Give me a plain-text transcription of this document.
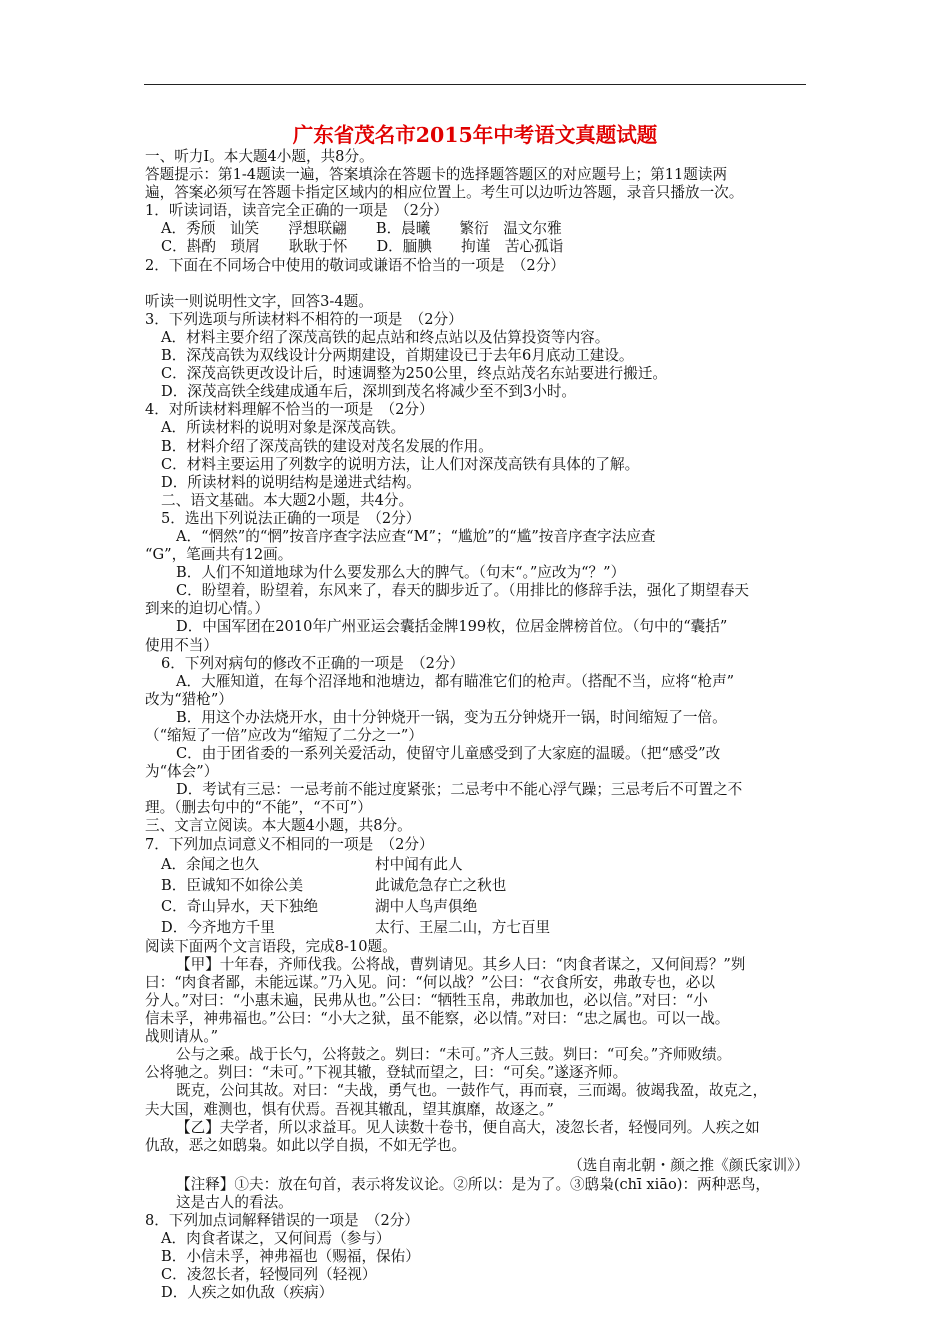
广东省茂名市2015年中考语文真题试题
一、听力Ⅰ。本大题4小题，共8分。
答题提示：第1-4题读一遍，答案填涂在答题卡的选择题答题区的对应题号上；第11题读两
遍，答案必须写在答题卡指定区域内的相应位置上。考生可以边听边答题，录音只播放一次。
1．听读词语，读音完全正确的一项是　（2分）
A．秀颀　讪笑　　浮想联翩　　B．晨曦　　繁衍　温文尔雅
C．斟酌　琐屑　　耿耿于怀　　D．腼腆　　拘谨　苦心孤诣
2．下面在不同场合中使用的敬词或谦语不恰当的一项是　（2分）
听读一则说明性文字，回答3-4题。
3．下列选项与所读材料不相符的一项是　（2分）
A．材料主要介绍了深茂高铁的起点站和终点站以及估算投资等内容。
B．深茂高铁为双线设计分两期建设，首期建设已于去年6月底动工建设。
C．深茂高铁更改设计后，时速调整为250公里，终点站茂名东站要进行搬迁。
D．深茂高铁全线建成通车后，深圳到茂名将减少至不到3小时。
4．对所读材料理解不恰当的一项是　（2分）
A．所读材料的说明对象是深茂高铁。
B．材料介绍了深茂高铁的建设对茂名发展的作用。
C．材料主要运用了列数字的说明方法，让人们对深茂高铁有具体的了解。
D．所读材料的说明结构是递进式结构。
二、语文基础。本大题2小题，共4分。
5．选出下列说法正确的一项是　（2分）
A．“惘然”的“惘”按音序查字法应查“M”；“尴尬”的“尴”按音序查字法应查
“G”，笔画共有12画。
B．人们不知道地球为什么要发那么大的脾气。（句末“。”应改为“？”）
C．盼望着，盼望着，东风来了，春天的脚步近了。（用排比的修辞手法，强化了期望春天
到来的迫切心情。）
D．中国军团在2010年广州亚运会囊括金牌199枚，位居金牌榜首位。（句中的“囊括”
使用不当）
6．下列对病句的修改不正确的一项是　（2分）
A．大雁知道，在每个沼泽地和池塘边，都有瞄准它们的枪声。（搭配不当，应将“枪声”
改为“猎枪”）
B．用这个办法烧开水，由十分钟烧开一锅，变为五分钟烧开一锅，时间缩短了一倍。
（“缩短了一倍”应改为“缩短了二分之一”）
C．由于团省委的一系列关爱活动，使留守儿童感受到了大家庭的温暖。（把“感受”改
为“体会”）
D．考试有三忌：一忌考前不能过度紧张；二忌考中不能心浮气躁；三忌考后不可置之不
理。（删去句中的“不能”，“不可”）
三、文言立阅读。本大题4小题，共8分。
7．下列加点词意义不相同的一项是　（2分）
A．余闻之也久	村中闻有此人
B．臣诚知不如徐公美	此诚危急存亡之秋也
C．奇山异水，天下独绝	湖中人鸟声俱绝
D．今齐地方千里	太行、王屋二山，方七百里
阅读下面两个文言语段，完成8-10题。
【甲】十年春，齐师伐我。公将战，曹刿请见。其乡人曰：“肉食者谋之，又何间焉？”刿
曰：“肉食者鄙，未能远谋。”乃入见。问：“何以战？”公曰：“衣食所安，弗敢专也，必以
分人。”对曰：“小惠未遍，民弗从也。”公曰：“牺牲玉帛，弗敢加也，必以信。”对曰：“小
信未孚，神弗福也。”公曰：“小大之狱，虽不能察，必以情。”对曰：“忠之属也。可以一战。
战则请从。”
公与之乘。战于长勺，公将鼓之。刿曰：“未可。”齐人三鼓。刿曰：“可矣。”齐师败绩。
公将驰之。刿曰：“未可。”下视其辙，登轼而望之，曰：“可矣。”遂逐齐师。
既克，公问其故。对曰：“夫战，勇气也。一鼓作气，再而衰，三而竭。彼竭我盈，故克之，
夫大国，难测也，惧有伏焉。吾视其辙乱，望其旗靡，故逐之。”
【乙】夫学者，所以求益耳。见人读数十卷书，便自高大，凌忽长者，轻慢同列。人疾之如
仇敌，恶之如鸱枭。如此以学自损，不如无学也。
（选自南北朝・颜之推《颜氏家训》）
【注释】①夫：放在句首，表示将发议论。②所以：是为了。③鸱枭(chī xiāo)：两种恶鸟，
这是古人的看法。
8．下列加点词解释错误的一项是　（2分）
A．肉食者谋之，又何间焉（参与）
B．小信未孚，神弗福也（赐福，保佑）
C．凌忽长者，轻慢同列（轻视）
D．人疾之如仇敌（疾病）
